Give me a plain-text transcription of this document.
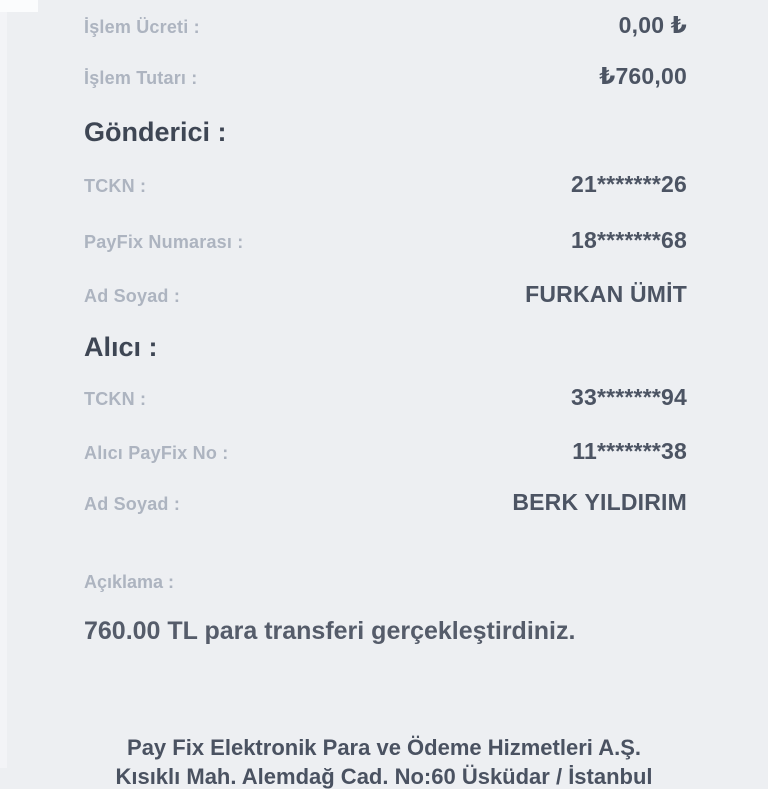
İşlem Ücreti :	0,00 ₺
İşlem Tutarı :	₺760,00
Gönderici :
TCKN :	21*******26
PayFix Numarası :	18*******68
Ad Soyad :	FURKAN ÜMİT
Alıcı :
TCKN :	33*******94
Alıcı PayFix No :	11*******38
Ad Soyad :	BERK YILDIRIM
Açıklama :
760.00 TL para transferi gerçekleştirdiniz.
Pay Fix Elektronik Para ve Ödeme Hizmetleri A.Ş.
Kısıklı Mah. Alemdağ Cad. No:60 Üsküdar / İstanbul
